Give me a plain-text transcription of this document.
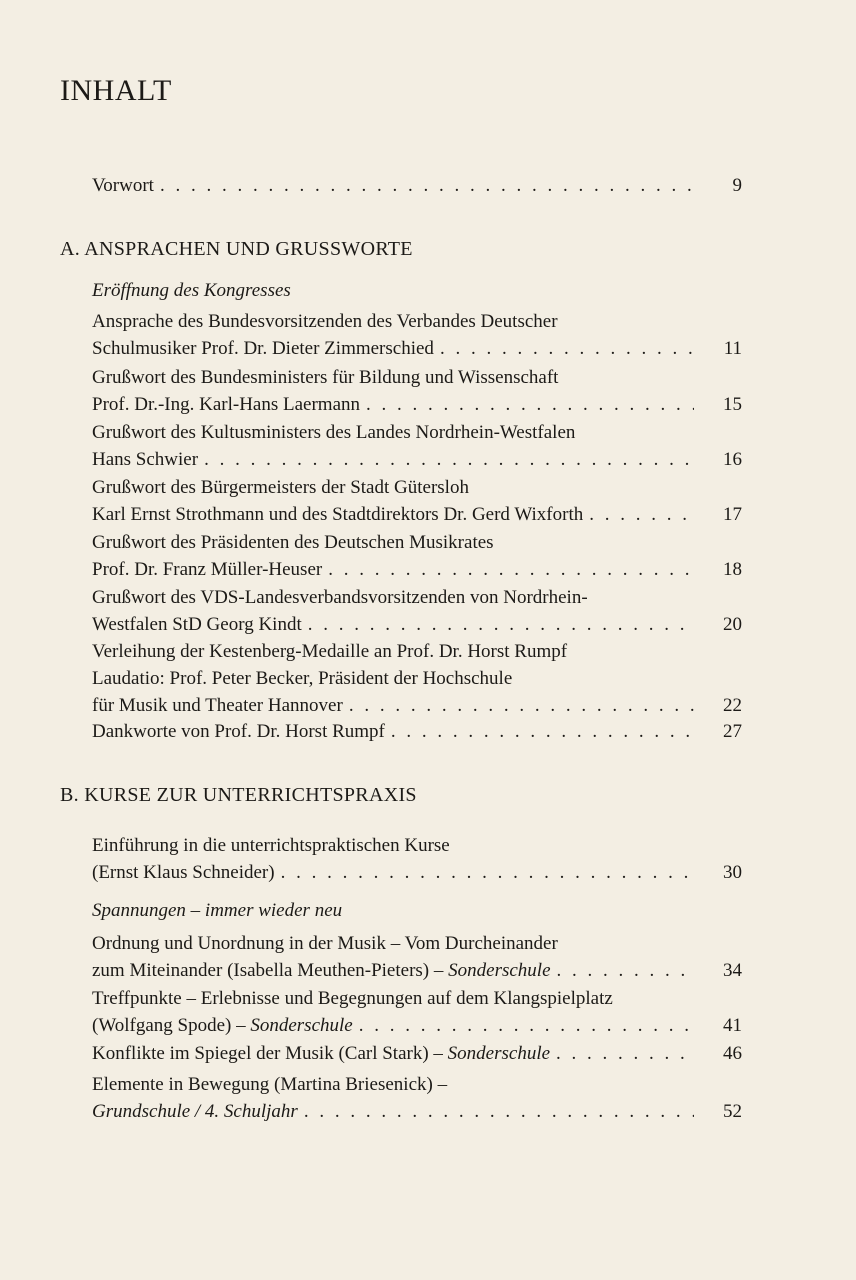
INHALT
Vorwort . . .	9
A. ANSPRACHEN UND GRUSSWORTE
Eröffnung des Kongresses
Ansprache des Bundesvorsitzenden des Verbandes Deutscher
Schulmusiker Prof. Dr. Dieter Zimmerschied . . .	11
Grußwort des Bundesministers für Bildung und Wissenschaft
Prof. Dr.-Ing. Karl-Hans Laermann . . .	15
Grußwort des Kultusministers des Landes Nordrhein-Westfalen
Hans Schwier . . .	16
Grußwort des Bürgermeisters der Stadt Gütersloh
Karl Ernst Strothmann und des Stadtdirektors Dr. Gerd Wixforth . . .	17
Grußwort des Präsidenten des Deutschen Musikrates
Prof. Dr. Franz Müller-Heuser . . .	18
Grußwort des VDS-Landesverbandsvorsitzenden von Nordrhein-
Westfalen StD Georg Kindt . . .	20
Verleihung der Kestenberg-Medaille an Prof. Dr. Horst Rumpf
Laudatio: Prof. Peter Becker, Präsident der Hochschule
für Musik und Theater Hannover . . .	22
Dankworte von Prof. Dr. Horst Rumpf . . .	27
B. KURSE ZUR UNTERRICHTSPRAXIS
Einführung in die unterrichtspraktischen Kurse
(Ernst Klaus Schneider) . . .	30
Spannungen – immer wieder neu
Ordnung und Unordnung in der Musik – Vom Durcheinander
zum Miteinander (Isabella Meuthen-Pieters) – Sonderschule . . .	34
Treffpunkte – Erlebnisse und Begegnungen auf dem Klangspielplatz
(Wolfgang Spode) – Sonderschule . . .	41
Konflikte im Spiegel der Musik (Carl Stark) – Sonderschule . . .	46
Elemente in Bewegung (Martina Briesenick) –
Grundschule / 4. Schuljahr . . .	52
